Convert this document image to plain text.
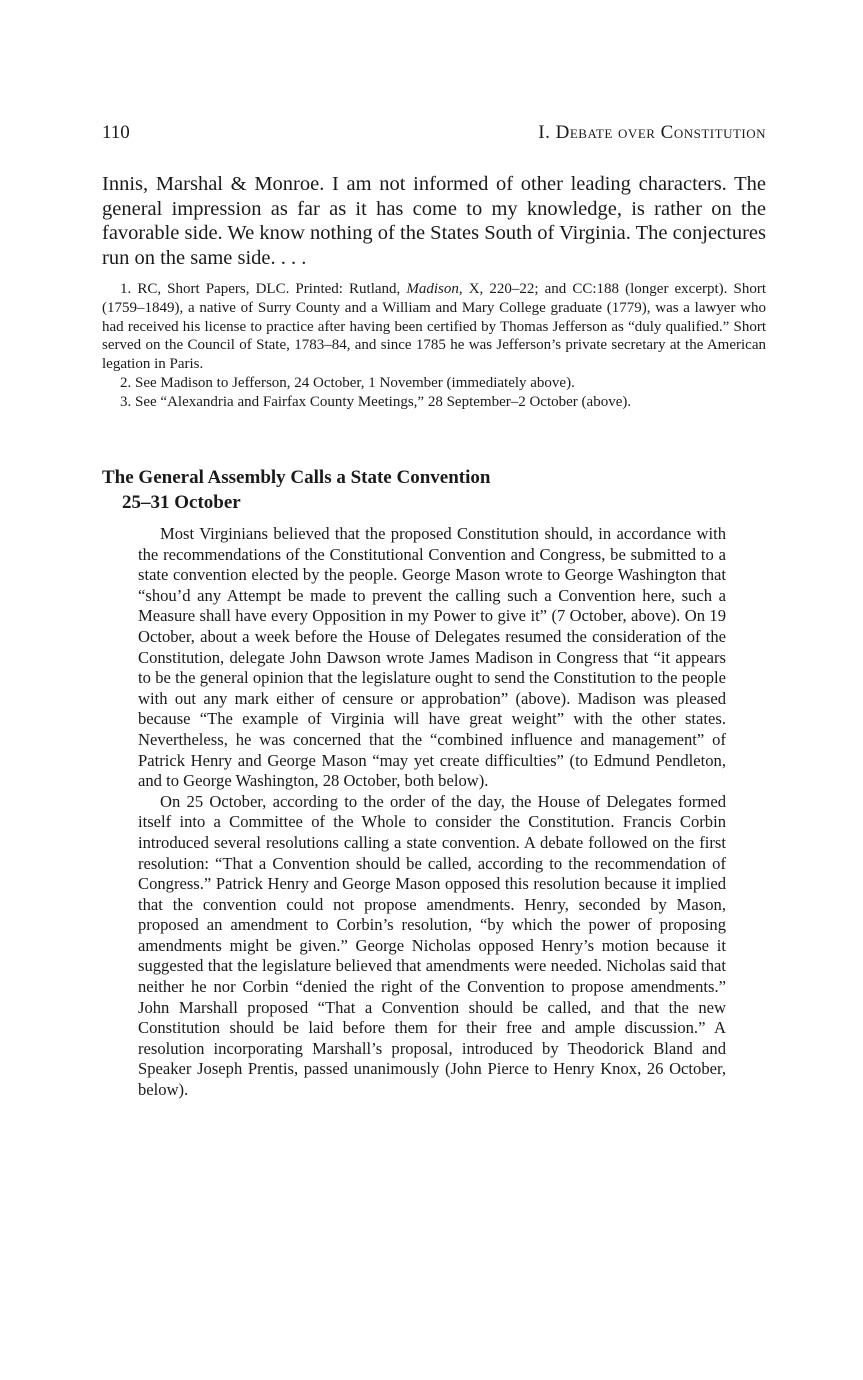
110	I. Debate over Constitution

Innis, Marshal & Monroe. I am not informed of other leading characters. The general impression as far as it has come to my knowledge, is rather on the favorable side. We know nothing of the States South of Virginia. The conjectures run on the same side. . . .

1. RC, Short Papers, DLC. Printed: Rutland, Madison, X, 220–22; and CC:188 (longer excerpt). Short (1759–1849), a native of Surry County and a William and Mary College graduate (1779), was a lawyer who had received his license to practice after having been certified by Thomas Jefferson as “duly qualified.” Short served on the Council of State, 1783–84, and since 1785 he was Jefferson’s private secretary at the American legation in Paris.

2. See Madison to Jefferson, 24 October, 1 November (immediately above).

3. See “Alexandria and Fairfax County Meetings,” 28 September–2 October (above).

The General Assembly Calls a State Convention
25–31 October

Most Virginians believed that the proposed Constitution should, in accordance with the recommendations of the Constitutional Convention and Congress, be submitted to a state convention elected by the people. George Mason wrote to George Washington that “shou’d any Attempt be made to prevent the calling such a Convention here, such a Measure shall have every Opposition in my Power to give it” (7 October, above). On 19 October, about a week before the House of Delegates resumed the consideration of the Constitution, delegate John Dawson wrote James Madison in Congress that “it appears to be the general opinion that the legislature ought to send the Constitution to the people with out any mark either of censure or approbation” (above). Madison was pleased because “The example of Virginia will have great weight” with the other states. Nevertheless, he was concerned that the “combined influence and management” of Patrick Henry and George Mason “may yet create difficulties” (to Edmund Pendleton, and to George Washington, 28 October, both below).

On 25 October, according to the order of the day, the House of Delegates formed itself into a Committee of the Whole to consider the Constitution. Francis Corbin introduced several resolutions calling a state convention. A debate followed on the first resolution: “That a Convention should be called, according to the recommendation of Congress.” Patrick Henry and George Mason opposed this resolution because it implied that the convention could not propose amendments. Henry, seconded by Mason, proposed an amendment to Corbin’s resolution, “by which the power of proposing amendments might be given.” George Nicholas opposed Henry’s motion because it suggested that the legislature believed that amendments were needed. Nicholas said that neither he nor Corbin “denied the right of the Convention to propose amendments.” John Marshall proposed “That a Convention should be called, and that the new Constitution should be laid before them for their free and ample discussion.” A resolution incorporating Marshall’s proposal, introduced by Theodorick Bland and Speaker Joseph Prentis, passed unanimously (John Pierce to Henry Knox, 26 October, below).
